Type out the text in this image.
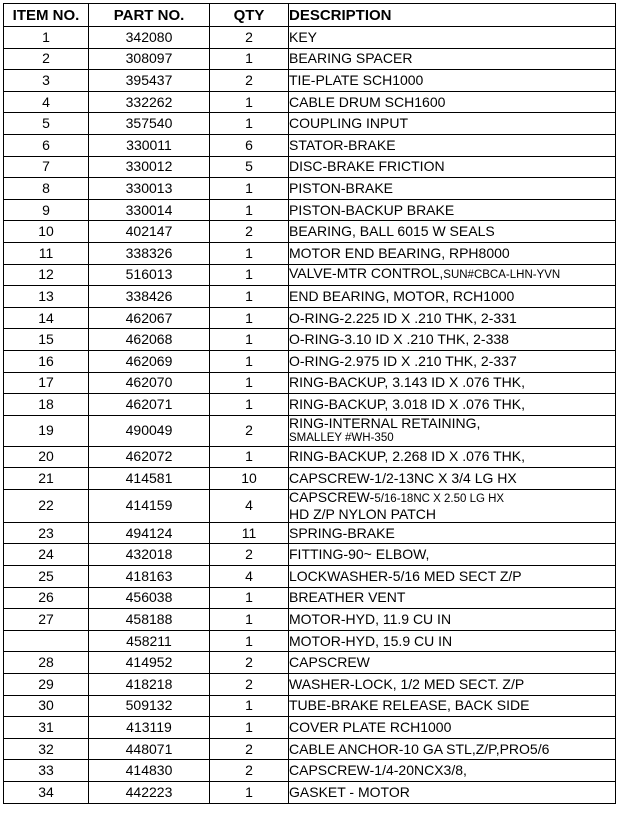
ITEM NO.	PART NO.	QTY	DESCRIPTION
1	342080	2	KEY
2	308097	1	BEARING SPACER
3	395437	2	TIE-PLATE SCH1000
4	332262	1	CABLE DRUM SCH1600
5	357540	1	COUPLING INPUT
6	330011	6	STATOR-BRAKE
7	330012	5	DISC-BRAKE FRICTION
8	330013	1	PISTON-BRAKE
9	330014	1	PISTON-BACKUP BRAKE
10	402147	2	BEARING, BALL 6015 W SEALS
11	338326	1	MOTOR END BEARING, RPH8000
12	516013	1	VALVE-MTR CONTROL,SUN#CBCA-LHN-YVN

13	338426	1	END BEARING, MOTOR, RCH1000
14	462067	1	O-RING-2.225 ID X .210 THK, 2-331
15	462068	1	O-RING-3.10 ID X .210 THK, 2-338
16	462069	1	O-RING-2.975 ID X .210 THK, 2-337
17	462070	1	RING-BACKUP, 3.143 ID X .076 THK,
18	462071	1	RING-BACKUP, 3.018 ID X .076 THK,
19	490049	2	RING-INTERNAL RETAINING,
SMALLEY #WH-350

20	462072	1	RING-BACKUP, 2.268 ID X .076 THK,
21	414581	10	CAPSCREW-1/2-13NC X 3/4 LG HX
22	414159	4	CAPSCREW-5/16-18NC X 2.50 LG HX
HD Z/P NYLON PATCH

23	494124	11	SPRING-BRAKE
24	432018	2	FITTING-90~ ELBOW,
25	418163	4	LOCKWASHER-5/16 MED SECT Z/P
26	456038	1	BREATHER VENT
27	458188	1	MOTOR-HYD, 11.9 CU IN
	458211	1	MOTOR-HYD, 15.9 CU IN
28	414952	2	CAPSCREW
29	418218	2	WASHER-LOCK, 1/2 MED SECT. Z/P
30	509132	1	TUBE-BRAKE RELEASE, BACK SIDE
31	413119	1	COVER PLATE RCH1000
32	448071	2	CABLE ANCHOR-10 GA STL,Z/P,PRO5/6
33	414830	2	CAPSCREW-1/4-20NCX3/8,
34	442223	1	GASKET - MOTOR
